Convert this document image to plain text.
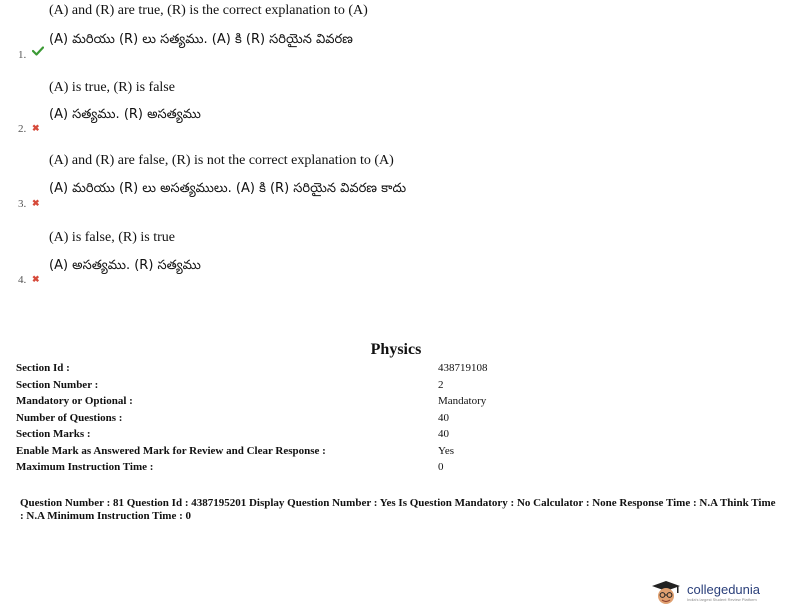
(A) and (R) are true, (R) is the correct explanation to (A)
(A) మరియు (R) లు సత్యము. (A) కి (R) సరియైన వివరణ
1.
(A) is true, (R) is false
(A) సత్యము. (R) అసత్యము
2. ✖
(A) and (R) are false, (R) is not the correct explanation to (A)
(A) మరియు (R) లు అసత్యములు. (A) కి (R) సరియైన వివరణ కాదు
3. ✖
(A) is false, (R) is true
(A) అసత్యము. (R) సత్యము
4. ✖
Physics
Section Id :	438719108
Section Number :	2
Mandatory or Optional :	Mandatory
Number of Questions :	40
Section Marks :	40
Enable Mark as Answered Mark for Review and Clear Response :	Yes
Maximum Instruction Time :	0
Question Number : 81 Question Id : 4387195201 Display Question Number : Yes Is Question Mandatory : No Calculator : None Response Time : N.A Think Time : N.A Minimum Instruction Time : 0
collegedunia
India's largest Student Review Platform
